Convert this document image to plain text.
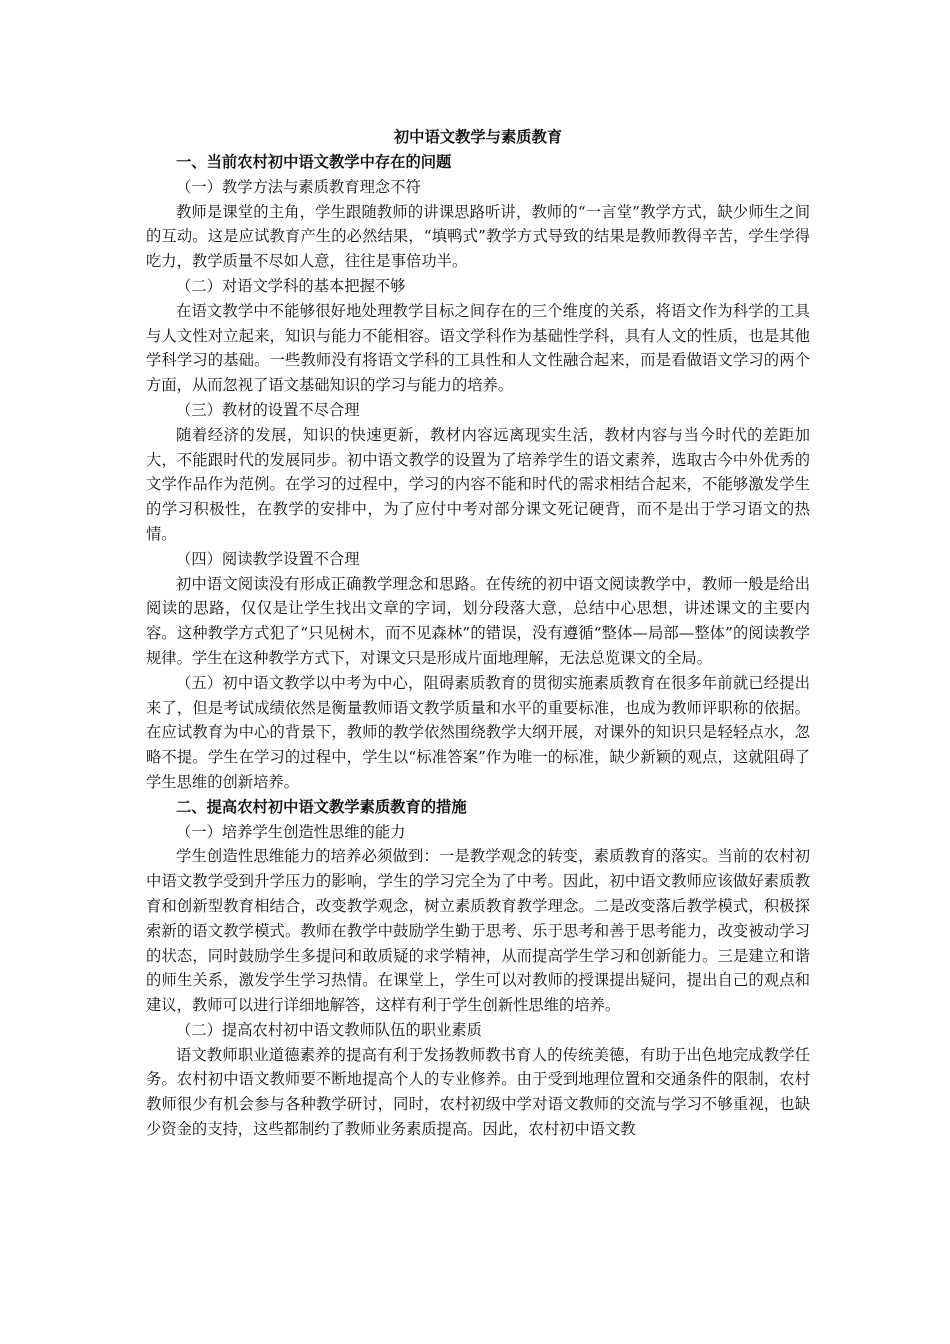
初中语文教学与素质教育

一、当前农村初中语文教学中存在的问题

（一）教学方法与素质教育理念不符

教师是课堂的主角，学生跟随教师的讲课思路听讲，教师的“一言堂”教学方式，缺少师生之间的互动。这是应试教育产生的必然结果，“填鸭式”教学方式导致的结果是教师教得辛苦，学生学得吃力，教学质量不尽如人意，往往是事倍功半。

（二）对语文学科的基本把握不够

在语文教学中不能够很好地处理教学目标之间存在的三个维度的关系，将语文作为科学的工具与人文性对立起来，知识与能力不能相容。语文学科作为基础性学科，具有人文的性质，也是其他学科学习的基础。一些教师没有将语文学科的工具性和人文性融合起来，而是看做语文学习的两个方面，从而忽视了语文基础知识的学习与能力的培养。

（三）教材的设置不尽合理

随着经济的发展，知识的快速更新，教材内容远离现实生活，教材内容与当今时代的差距加大，不能跟时代的发展同步。初中语文教学的设置为了培养学生的语文素养，选取古今中外优秀的文学作品作为范例。在学习的过程中，学习的内容不能和时代的需求相结合起来，不能够激发学生的学习积极性，在教学的安排中，为了应付中考对部分课文死记硬背，而不是出于学习语文的热情。

（四）阅读教学设置不合理

初中语文阅读没有形成正确教学理念和思路。在传统的初中语文阅读教学中，教师一般是给出阅读的思路，仅仅是让学生找出文章的字词，划分段落大意，总结中心思想，讲述课文的主要内容。这种教学方式犯了“只见树木，而不见森林”的错误，没有遵循“整体—局部—整体”的阅读教学规律。学生在这种教学方式下，对课文只是形成片面地理解，无法总览课文的全局。

（五）初中语文教学以中考为中心，阻碍素质教育的贯彻实施素质教育在很多年前就已经提出来了，但是考试成绩依然是衡量教师语文教学质量和水平的重要标准，也成为教师评职称的依据。在应试教育为中心的背景下，教师的教学依然围绕教学大纲开展，对课外的知识只是轻轻点水，忽略不提。学生在学习的过程中，学生以“标准答案”作为唯一的标准，缺少新颖的观点，这就阻碍了学生思维的创新培养。

二、提高农村初中语文教学素质教育的措施

（一）培养学生创造性思维的能力

学生创造性思维能力的培养必须做到：一是教学观念的转变，素质教育的落实。当前的农村初中语文教学受到升学压力的影响，学生的学习完全为了中考。因此，初中语文教师应该做好素质教育和创新型教育相结合，改变教学观念，树立素质教育教学理念。二是改变落后教学模式，积极探索新的语文教学模式。教师在教学中鼓励学生勤于思考、乐于思考和善于思考能力，改变被动学习的状态，同时鼓励学生多提问和敢质疑的求学精神，从而提高学生学习和创新能力。三是建立和谐的师生关系，激发学生学习热情。在课堂上，学生可以对教师的授课提出疑问，提出自己的观点和建议，教师可以进行详细地解答，这样有利于学生创新性思维的培养。

（二）提高农村初中语文教师队伍的职业素质

语文教师职业道德素养的提高有利于发扬教师教书育人的传统美德，有助于出色地完成教学任务。农村初中语文教师要不断地提高个人的专业修养。由于受到地理位置和交通条件的限制，农村教师很少有机会参与各种教学研讨，同时，农村初级中学对语文教师的交流与学习不够重视，也缺少资金的支持，这些都制约了教师业务素质提高。因此，农村初中语文教
